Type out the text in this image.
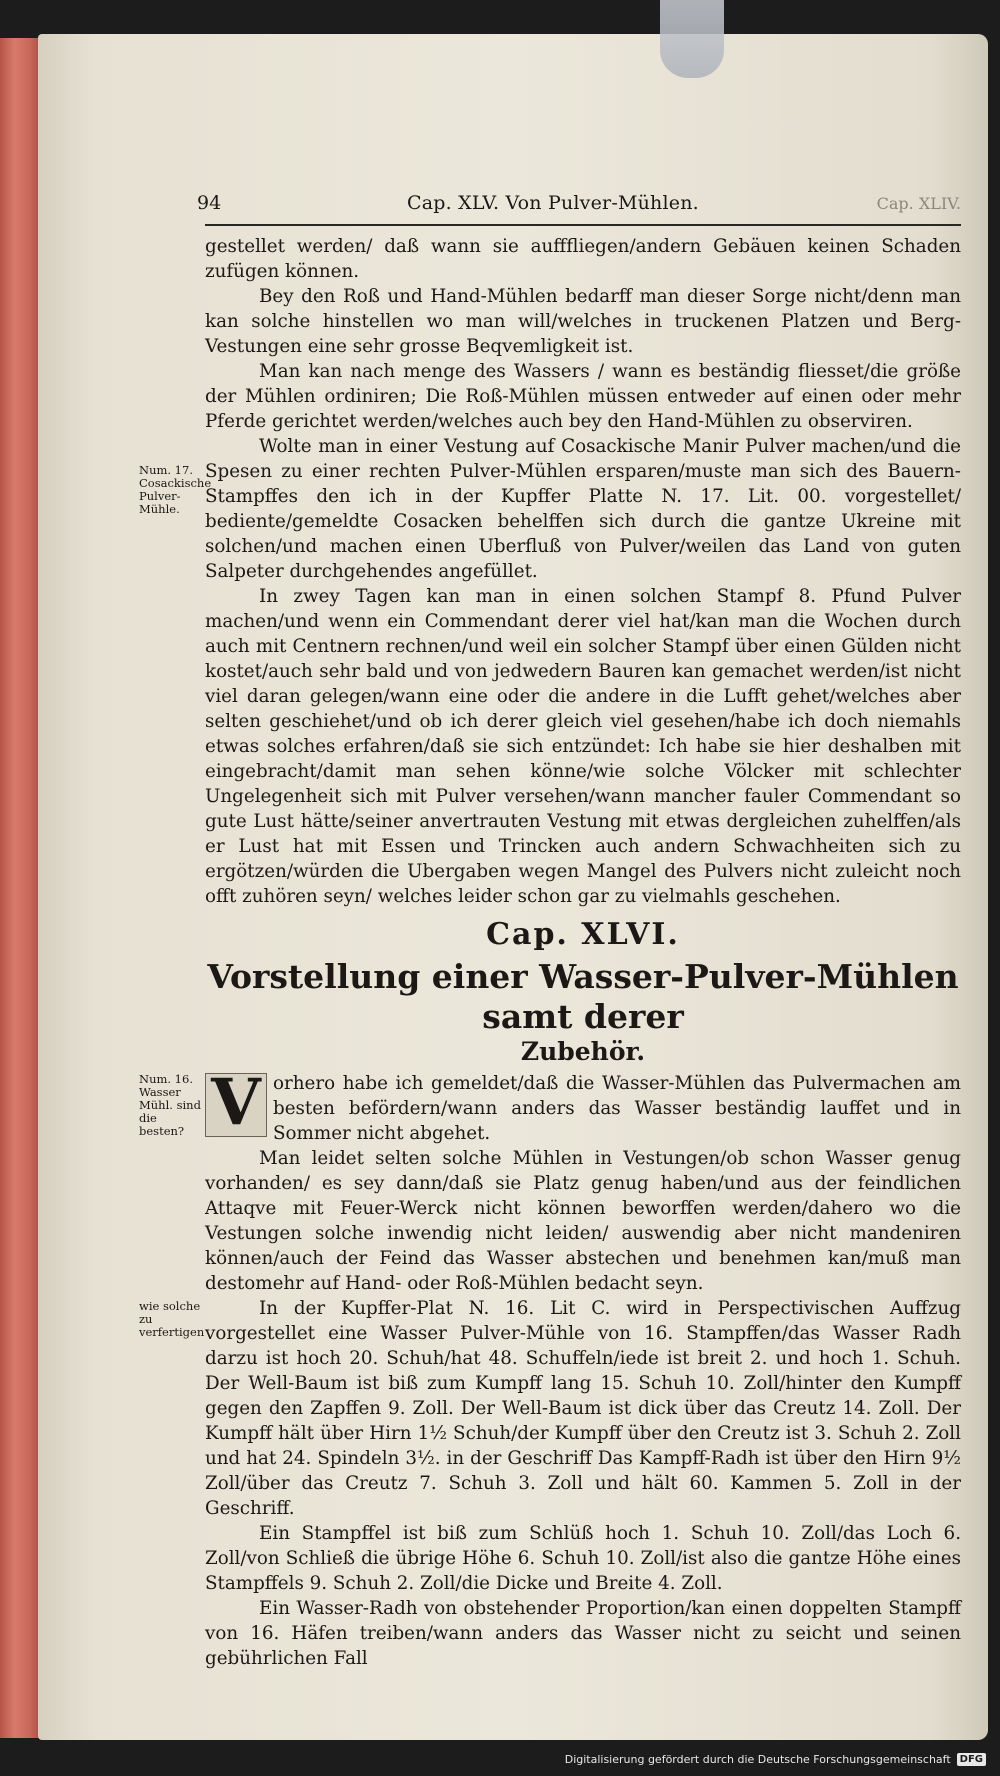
94	Cap. XLV. Von Pulver-Mühlen.	Cap. XLIV.

gestellet werden/ daß wann sie aufffliegen/andern Gebäuen keinen Schaden zufügen können.

Bey den Roß und Hand-Mühlen bedarff man dieser Sorge nicht/denn man kan solche hinstellen wo man will/welches in truckenen Platzen und Berg-Vestungen eine sehr grosse Beqvemligkeit ist.

Man kan nach menge des Wassers / wann es beständig fliesset/die größe der Mühlen ordiniren; Die Roß-Mühlen müssen entweder auf einen oder mehr Pferde gerichtet werden/welches auch bey den Hand-Mühlen zu observiren.

Num. 17. Cosackische Pulver-Mühle.

Wolte man in einer Vestung auf Cosackische Manir Pulver machen/und die Spesen zu einer rechten Pulver-Mühlen ersparen/muste man sich des Bauern-Stampffes den ich in der Kupffer Platte N. 17. Lit. 00. vorgestellet/ bediente/gemeldte Cosacken behelffen sich durch die gantze Ukreine mit solchen/und machen einen Uberfluß von Pulver/weilen das Land von guten Salpeter durchgehendes angefüllet.

In zwey Tagen kan man in einen solchen Stampf 8. Pfund Pulver machen/und wenn ein Commendant derer viel hat/kan man die Wochen durch auch mit Centnern rechnen/und weil ein solcher Stampf über einen Gülden nicht kostet/auch sehr bald und von jedwedern Bauren kan gemachet werden/ist nicht viel daran gelegen/wann eine oder die andere in die Lufft gehet/welches aber selten geschiehet/und ob ich derer gleich viel gesehen/habe ich doch niemahls etwas solches erfahren/daß sie sich entzündet: Ich habe sie hier deshalben mit eingebracht/damit man sehen könne/wie solche Völcker mit schlechter Ungelegenheit sich mit Pulver versehen/wann mancher fauler Commendant so gute Lust hätte/seiner anvertrauten Vestung mit etwas dergleichen zuhelffen/als er Lust hat mit Essen und Trincken auch andern Schwachheiten sich zu ergötzen/würden die Ubergaben wegen Mangel des Pulvers nicht zuleicht noch offt zuhören seyn/ welches leider schon gar zu vielmahls geschehen.

Cap. XLVI.
Vorstellung einer Wasser-Pulver-Mühlen samt derer
Zubehör.
Num. 16. Wasser Mühl. sind die besten? V orhero habe ich gemeldet/daß die Wasser-Mühlen das Pulvermachen am besten befördern/wann anders das Wasser beständig lauffet und in Sommer nicht abgehet.

Man leidet selten solche Mühlen in Vestungen/ob schon Wasser genug vorhanden/ es sey dann/daß sie Platz genug haben/und aus der feindlichen Attaqve mit Feuer-Werck nicht können beworffen werden/dahero wo die Vestungen solche inwendig nicht leiden/ auswendig aber nicht mandeniren können/auch der Feind das Wasser abstechen und benehmen kan/muß man destomehr auf Hand- oder Roß-Mühlen bedacht seyn.

wie solche zu verfertigen

In der Kupffer-Plat N. 16. Lit C. wird in Perspectivischen Auffzug vorgestellet eine Wasser Pulver-Mühle von 16. Stampffen/das Wasser Radh darzu ist hoch 20. Schuh/hat 48. Schuffeln/iede ist breit 2. und hoch 1. Schuh. Der Well-Baum ist biß zum Kumpff lang 15. Schuh 10. Zoll/hinter den Kumpff gegen den Zapffen 9. Zoll. Der Well-Baum ist dick über das Creutz 14. Zoll. Der Kumpff hält über Hirn 1½ Schuh/der Kumpff über den Creutz ist 3. Schuh 2. Zoll und hat 24. Spindeln 3½. in der Geschriff Das Kampff-Radh ist über den Hirn 9½ Zoll/über das Creutz 7. Schuh 3. Zoll und hält 60. Kammen 5. Zoll in der Geschriff.

Ein Stampffel ist biß zum Schlüß hoch 1. Schuh 10. Zoll/das Loch 6. Zoll/von Schließ die übrige Höhe 6. Schuh 10. Zoll/ist also die gantze Höhe eines Stampffels 9. Schuh 2. Zoll/die Dicke und Breite 4. Zoll.

Ein Wasser-Radh von obstehender Proportion/kan einen doppelten Stampff von 16. Häfen treiben/wann anders das Wasser nicht zu seicht und seinen gebührlichen Fall

Digitalisierung gefördert durch die Deutsche Forschungsgemeinschaft DFG
